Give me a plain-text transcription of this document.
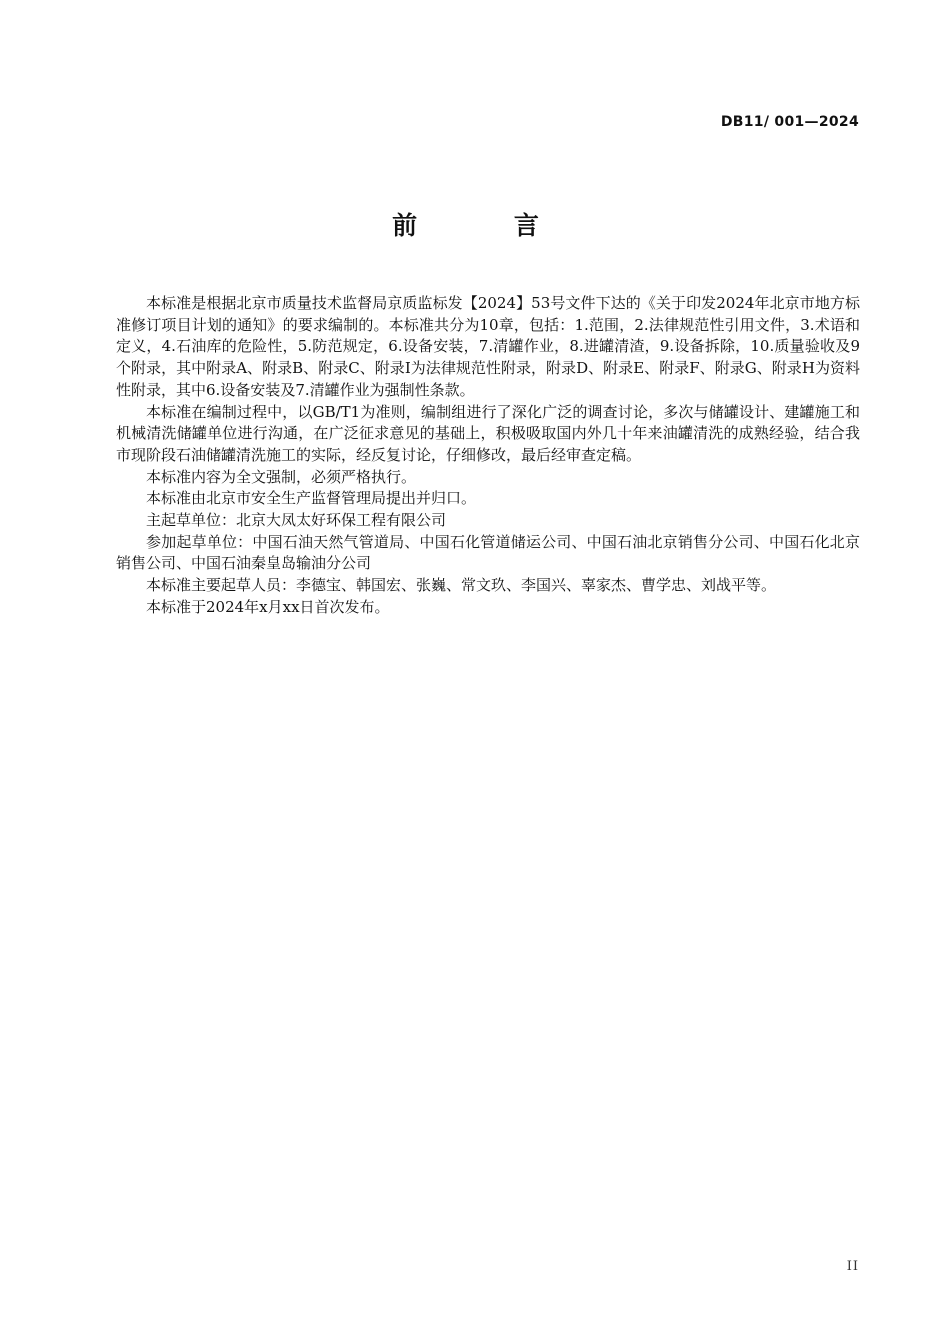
DB11/ 001—2024
前 言

本标准是根据北京市质量技术监督局京质监标发【2024】53号文件下达的《关于印发2024年北京市地方标准修订项目计划的通知》的要求编制的。本标准共分为10章，包括：1.范围，2.法律规范性引用文件，3.术语和定义，4.石油库的危险性，5.防范规定，6.设备安装，7.清罐作业，8.进罐清渣，9.设备拆除，10.质量验收及9个附录，其中附录A、附录B、附录C、附录I为法律规范性附录，附录D、附录E、附录F、附录G、附录H为资料性附录，其中6.设备安装及7.清罐作业为强制性条款。

本标准在编制过程中，以GB/T1为准则，编制组进行了深化广泛的调查讨论，多次与储罐设计、建罐施工和机械清洗储罐单位进行沟通，在广泛征求意见的基础上，积极吸取国内外几十年来油罐清洗的成熟经验，结合我市现阶段石油储罐清洗施工的实际，经反复讨论，仔细修改，最后经审查定稿。

本标准内容为全文强制，必须严格执行。

本标准由北京市安全生产监督管理局提出并归口。

主起草单位：北京大凤太好环保工程有限公司

参加起草单位：中国石油天然气管道局、中国石化管道储运公司、中国石油北京销售分公司、中国石化北京销售公司、中国石油秦皇岛输油分公司

本标准主要起草人员：李德宝、韩国宏、张巍、常文玖、李国兴、辜家杰、曹学忠、刘战平等。

本标准于2024年x月xx日首次发布。

II
